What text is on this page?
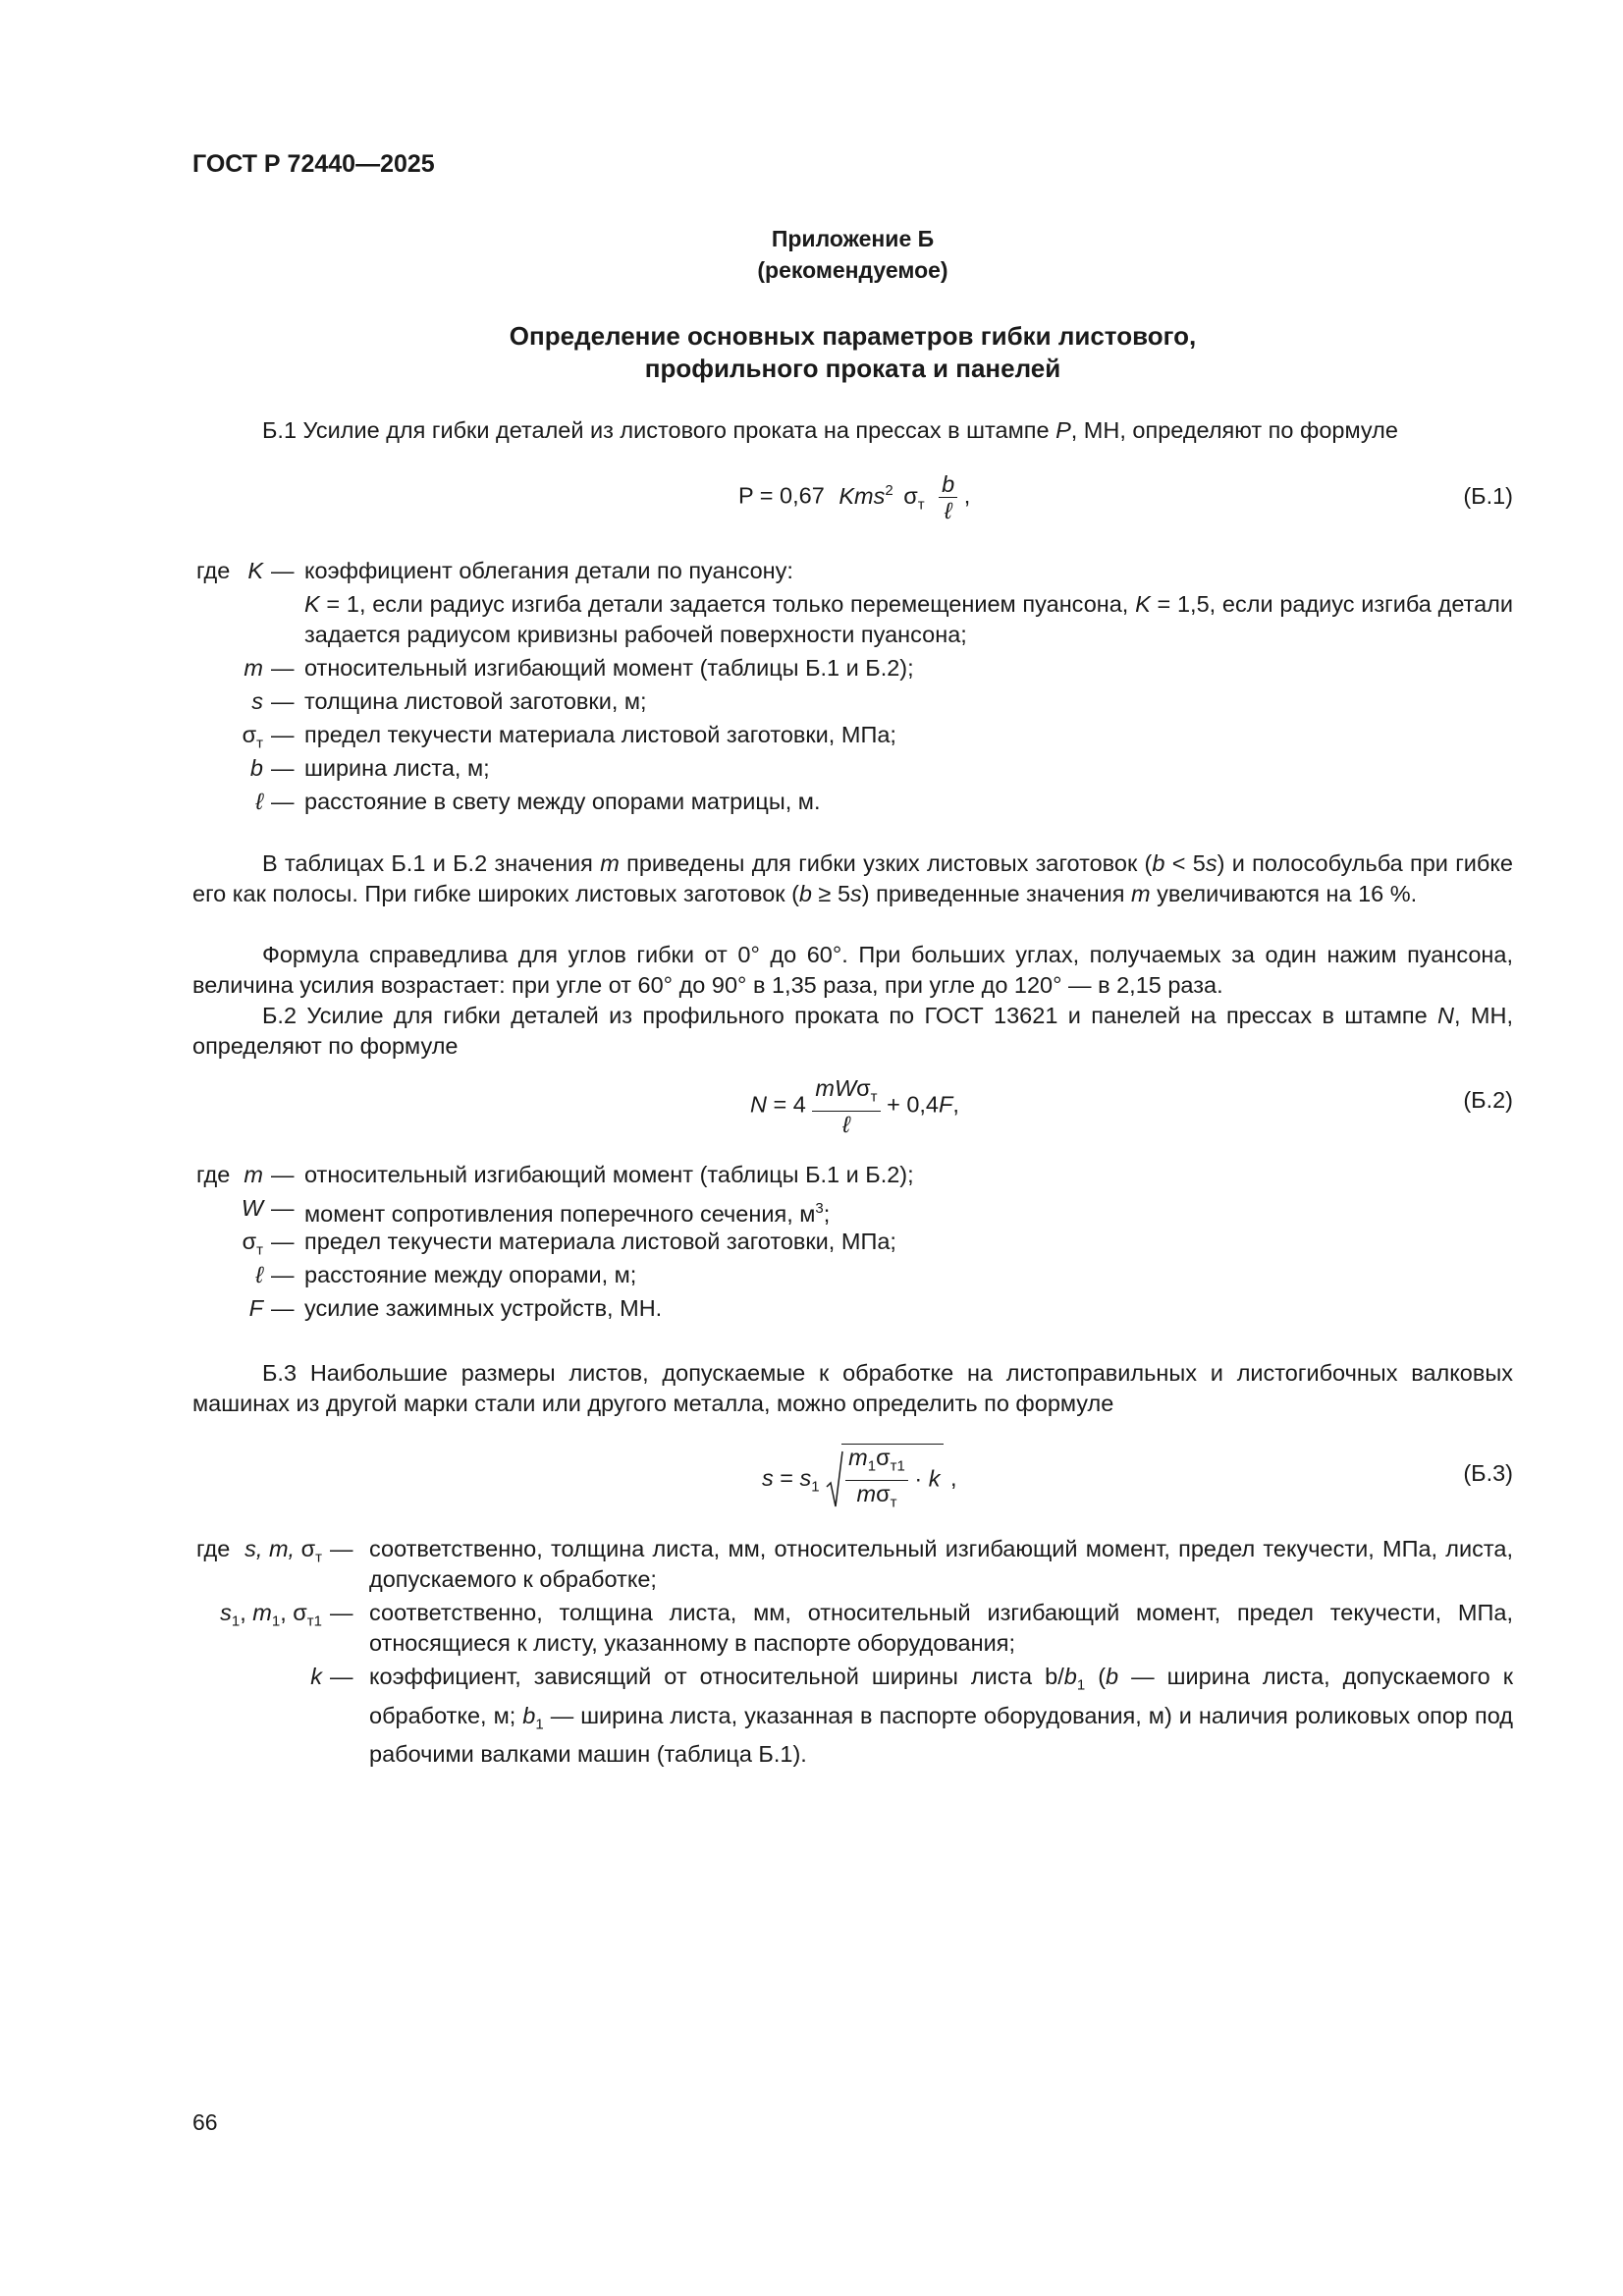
ГОСТ Р 72440—2025
Приложение Б
(рекомендуемое)
Определение основных параметров гибки листового,
профильного проката и панелей
Б.1 Усилие для гибки деталей из листового проката на прессах в штампе P, МН, определяют по формуле
P = 0,67 Kms$^2$ $\sigma_т \frac{b}{\text{ℓ}}$ ,	(Б.1)
где K — коэффициент облегания детали по пуансону:
K = 1, если радиус изгиба детали задается только перемещением пуансона, K = 1,5, если радиус изгиба детали задается радиусом кривизны рабочей поверхности пуансона;
m — относительный изгибающий момент (таблицы Б.1 и Б.2);
s — толщина листовой заготовки, м;
$\sigma_т$ — предел текучести материала листовой заготовки, МПа;
b — ширина листа, м;
ℓ — расстояние в свету между опорами матрицы, м.
В таблицах Б.1 и Б.2 значения m приведены для гибки узких листовых заготовок (b < 5s) и полособульба при гибке его как полосы. При гибке широких листовых заготовок (b ≥ 5s) приведенные значения m увеличиваются на 16 %.
Формула справедлива для углов гибки от 0° до 60°. При больших углах, получаемых за один нажим пуансона, величина усилия возрастает: при угле от 60° до 90° в 1,35 раза, при угле до 120° — в 2,15 раза.
Б.2 Усилие для гибки деталей из профильного проката по ГОСТ 13621 и панелей на прессах в штампе N, МН, определяют по формуле
$N = 4 \frac{mW\sigma_т}{\text{ℓ}} + 0,4F$,	(Б.2)
где m — относительный изгибающий момент (таблицы Б.1 и Б.2);
W — момент сопротивления поперечного сечения, $м^3$;
$\sigma_т$ — предел текучести материала листовой заготовки, МПа;
ℓ — расстояние между опорами, м;
F — усилие зажимных устройств, МН.
Б.3 Наибольшие размеры листов, допускаемые к обработке на листоправильных и листогибочных валковых машинах из другой марки стали или другого металла, можно определить по формуле
$s = s_1 \frac{m_1\sigma_{т1}}{m\sigma_т} \cdot k$ ,	(Б.3)
где s, m, $\sigma_т$ — соответственно, толщина листа, мм, относительный изгибающий момент, предел текучести, МПа, листа, допускаемого к обработке;
$s_1$, $m_1$, $\sigma_{т1}$ — соответственно, толщина листа, мм, относительный изгибающий момент, предел текучести, МПа, относящиеся к листу, указанному в паспорте оборудования;
k — коэффициент, зависящий от относительной ширины листа $b/b_1$ (b — ширина листа, допускаемого к обработке, м; $b_1$ — ширина листа, указанная в паспорте оборудования, м) и наличия роликовых опор под рабочими валками машин (таблица Б.1).
66
